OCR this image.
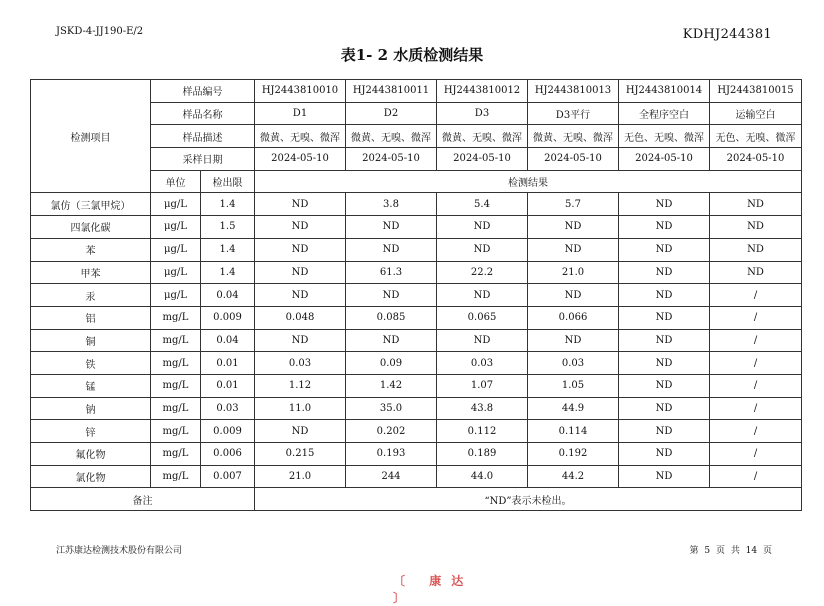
JSKD-4-JJ190-E/2	KDHJ244381
表1- 2 水质检测结果
检测项目	样品编号		HJ2443810010	HJ2443810011	HJ2443810012	HJ2443810013	HJ2443810014	HJ2443810015
	样品名称		D1	D2	D3	D3平行	全程序空白	运输空白
	样品描述		微黄、无嗅、微浑	微黄、无嗅、微浑	微黄、无嗅、微浑	微黄、无嗅、微浑	无色、无嗅、微浑	无色、无嗅、微浑
	采样日期		2024-05-10	2024-05-10	2024-05-10	2024-05-10	2024-05-10	2024-05-10
	单位	检出限	检测结果					
氯仿（三氯甲烷）	μg/L	1.4	ND	3.8	5.4	5.7	ND	ND
四氯化碳	μg/L	1.5	ND	ND	ND	ND	ND	ND
苯	μg/L	1.4	ND	ND	ND	ND	ND	ND
甲苯	μg/L	1.4	ND	61.3	22.2	21.0	ND	ND
汞	μg/L	0.04	ND	ND	ND	ND	ND	/
铝	mg/L	0.009	0.048	0.085	0.065	0.066	ND	/
铜	mg/L	0.04	ND	ND	ND	ND	ND	/
铁	mg/L	0.01	0.03	0.09	0.03	0.03	ND	/
锰	mg/L	0.01	1.12	1.42	1.07	1.05	ND	/
钠	mg/L	0.03	11.0	35.0	43.8	44.9	ND	/
锌	mg/L	0.009	ND	0.202	0.112	0.114	ND	/
氟化物	mg/L	0.006	0.215	0.193	0.189	0.192	ND	/
氯化物	mg/L	0.007	21.0	244	44.0	44.2	ND	/
备注			“ND”表示未检出。					
江苏康达检测技术股份有限公司	第 5 页 共 14 页
〔 康达 〕
